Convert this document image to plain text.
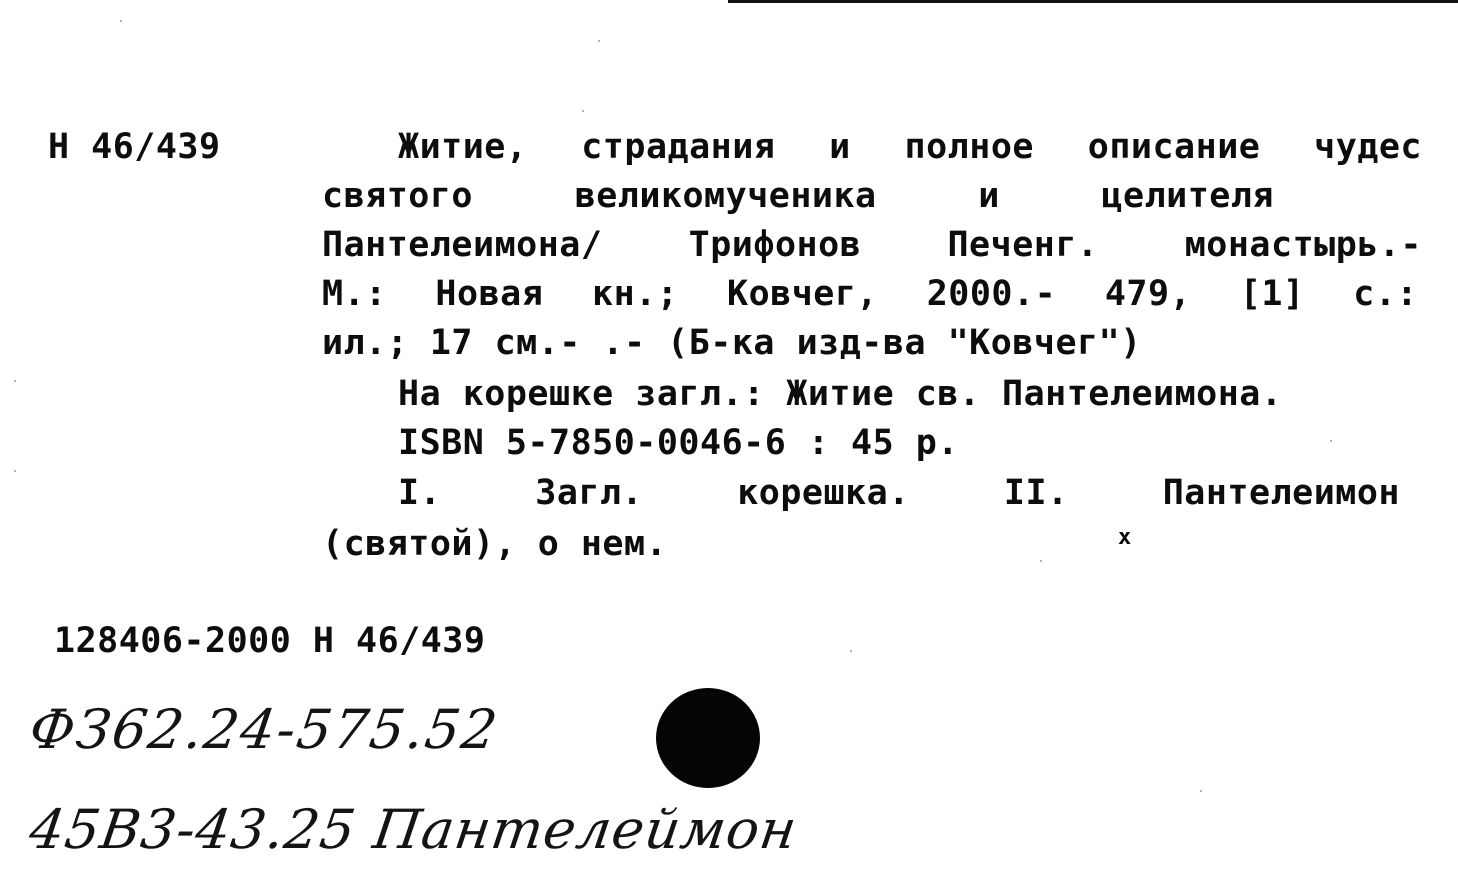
Н 46/439	Житие, страдания и полное описание чудес
святого великомученика и целителя
Пантелеимона/ Трифонов Печенг. монастырь.-
М.: Новая кн.; Ковчег, 2000.- 479, [1] с.:
ил.; 17 см.- .- (Б-ка изд-ва "Ковчег")
На корешке загл.: Житие св. Пантелеимона.
ISBN 5-7850-0046-6 : 45 р.
I. Загл. корешка. II. Пантелеимон
(святой), о нем.	x
128406-2000 Н 46/439
ФЗ62.24-575.52
45В3-43.25 Пантелеймон
